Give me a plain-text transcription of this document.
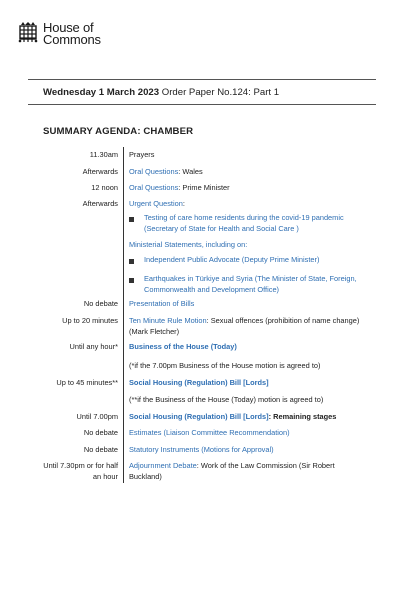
House of
Commons
Wednesday 1 March 2023 Order Paper No.124: Part 1
SUMMARY AGENDA: CHAMBER
11.30am Prayers
Afterwards Oral Questions: Wales
12 noon Oral Questions: Prime Minister
Afterwards Urgent Question:
Testing of care home residents during the covid-19 pandemic (Secretary of State for Health and Social Care )
Ministerial Statements, including on:
Independent Public Advocate (Deputy Prime Minister)
Earthquakes in Türkiye and Syria (The Minister of State, Foreign, Commonwealth and Development Office)
No debate Presentation of Bills
Up to 20 minutes Ten Minute Rule Motion: Sexual offences (prohibition of name change) (Mark Fletcher)
Until any hour* Business of the House (Today)
(*if the 7.00pm Business of the House motion is agreed to)
Up to 45 minutes** Social Housing (Regulation) Bill [Lords]
(**if the Business of the House (Today) motion is agreed to)
Until 7.00pm Social Housing (Regulation) Bill [Lords]: Remaining stages
No debate Estimates (Liaison Committee Recommendation)
No debate Statutory Instruments (Motions for Approval)
Until 7.30pm or for half an hour
Adjournment Debate: Work of the Law Commission (Sir Robert Buckland)
